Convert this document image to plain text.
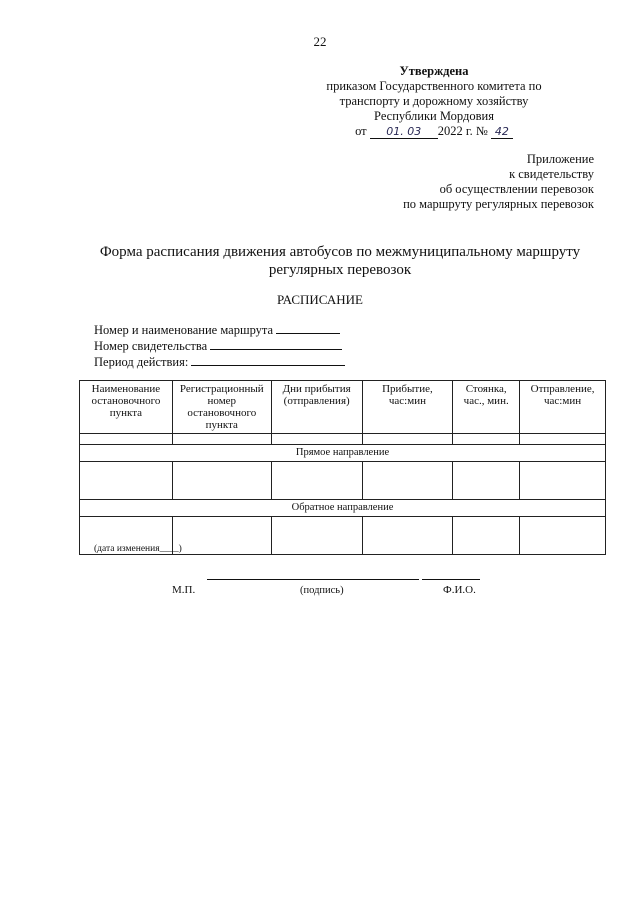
22
Утверждена
приказом Государственного комитета по
транспорту и дорожному хозяйству
Республики Мордовия
от 01. 03 2022 г. № 42
Приложение
к свидетельству
об осуществлении перевозок
по маршруту регулярных перевозок
Форма расписания движения автобусов по межмуниципальному маршруту
регулярных перевозок
РАСПИСАНИЕ
Номер и наименование маршрута
Номер свидетельства
Период действия:
Наименование остановочного пункта	Регистрационный номер остановочного пункта	Дни прибытия (отправления)	Прибытие, час:мин	Стоянка, час., мин.	Отправление, час:мин

Прямое направление					

Обратное направление					

(дата изменения____)
М.П.	(подпись)	Ф.И.О.
